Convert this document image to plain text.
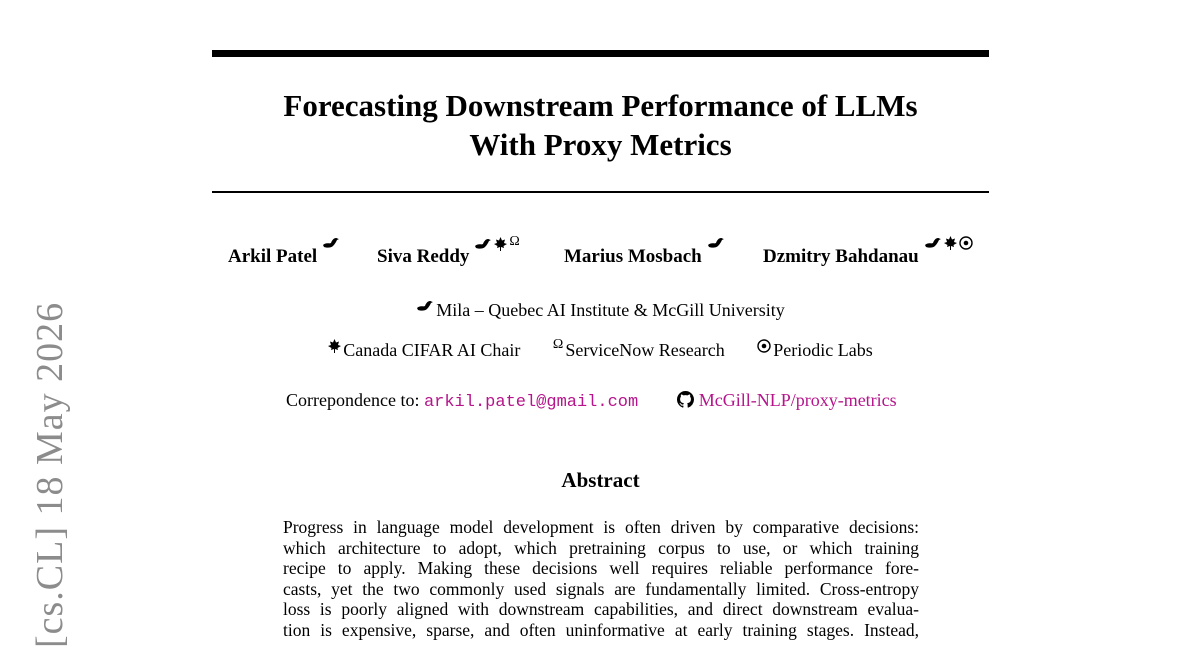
[cs.CL] 18 May 2026
Forecasting Downstream Performance of LLMs
With Proxy Metrics
Arkil Patel	Siva Reddy
Ω
Marius Mosbach	Dzmitry Bahdanau
Mila – Quebec AI Institute & McGill University
Canada CIFAR AI Chair Ω ServiceNow Research	Periodic Labs
Correpondence to: arkil.patel@gmail.com	McGill-NLP/proxy-metrics
Abstract
Progress in language model development is often driven by comparative decisions:
which architecture to adopt, which pretraining corpus to use, or which training
recipe to apply. Making these decisions well requires reliable performance fore-
casts, yet the two commonly used signals are fundamentally limited. Cross-entropy
loss is poorly aligned with downstream capabilities, and direct downstream evalua-
tion is expensive, sparse, and often uninformative at early training stages. Instead,
